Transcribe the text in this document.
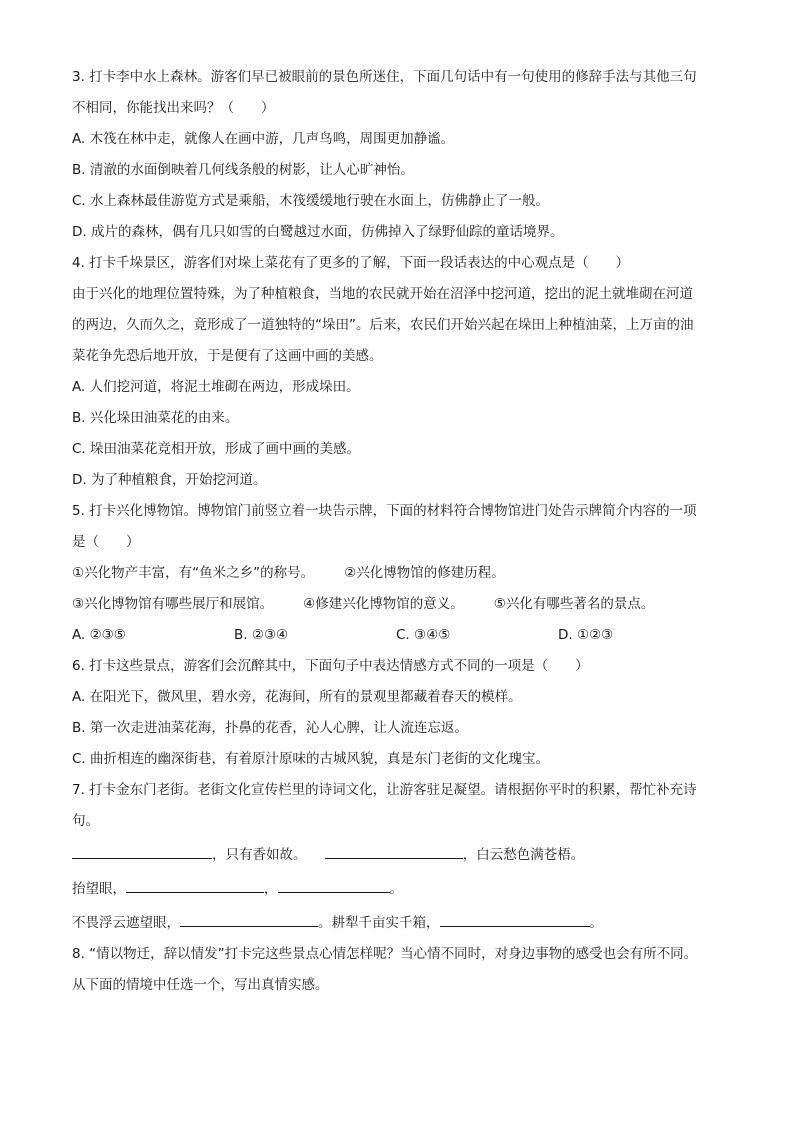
3. 打卡李中水上森林。游客们早已被眼前的景色所迷住，下面几句话中有一句使用的修辞手法与其他三句
不相同，你能找出来吗？（　　）
A. 木筏在林中走，就像人在画中游，几声鸟鸣，周围更加静谧。
B. 清澈的水面倒映着几何线条般的树影，让人心旷神怡。
C. 水上森林最佳游览方式是乘船，木筏缓缓地行驶在水面上，仿佛静止了一般。
D. 成片的森林，偶有几只如雪的白鹭越过水面，仿佛掉入了绿野仙踪的童话境界。
4. 打卡千垛景区，游客们对垛上菜花有了更多的了解，下面一段话表达的中心观点是（　　）
由于兴化的地理位置特殊，为了种植粮食，当地的农民就开始在沼泽中挖河道，挖出的泥土就堆砌在河道
的两边，久而久之，竟形成了一道独特的“垛田”。后来，农民们开始兴起在垛田上种植油菜，上万亩的油
菜花争先恐后地开放，于是便有了这画中画的美感。
A. 人们挖河道，将泥土堆砌在两边，形成垛田。
B. 兴化垛田油菜花的由来。
C. 垛田油菜花竞相开放，形成了画中画的美感。
D. 为了种植粮食，开始挖河道。
5. 打卡兴化博物馆。博物馆门前竖立着一块告示牌，下面的材料符合博物馆进门处告示牌简介内容的一项
是（　　）
①兴化物产丰富，有“鱼米之乡”的称号。 ②兴化博物馆的修建历程。
③兴化博物馆有哪些展厅和展馆。 ④修建兴化博物馆的意义。 ⑤兴化有哪些著名的景点。
A. ②③⑤	B. ②③④	C. ③④⑤	D. ①②③
6. 打卡这些景点，游客们会沉醉其中，下面句子中表达情感方式不同的一项是（　　）
A. 在阳光下，微风里，碧水旁，花海间，所有的景观里都藏着春天的模样。
B. 第一次走进油菜花海，扑鼻的花香，沁人心脾，让人流连忘返。
C. 曲折相连的幽深街巷，有着原汁原味的古城风貌，真是东门老街的文化瑰宝。
7. 打卡金东门老街。老街文化宣传栏里的诗词文化，让游客驻足凝望。请根据你平时的积累，帮忙补充诗
句。
，只有香如故。	，白云愁色满苍梧。
抬望眼，	，	。
不畏浮云遮望眼，	。耕犁千亩实千箱，	。
8. “情以物迁，辞以情发”打卡完这些景点心情怎样呢？当心情不同时，对身边事物的感受也会有所不同。
从下面的情境中任选一个，写出真情实感。
